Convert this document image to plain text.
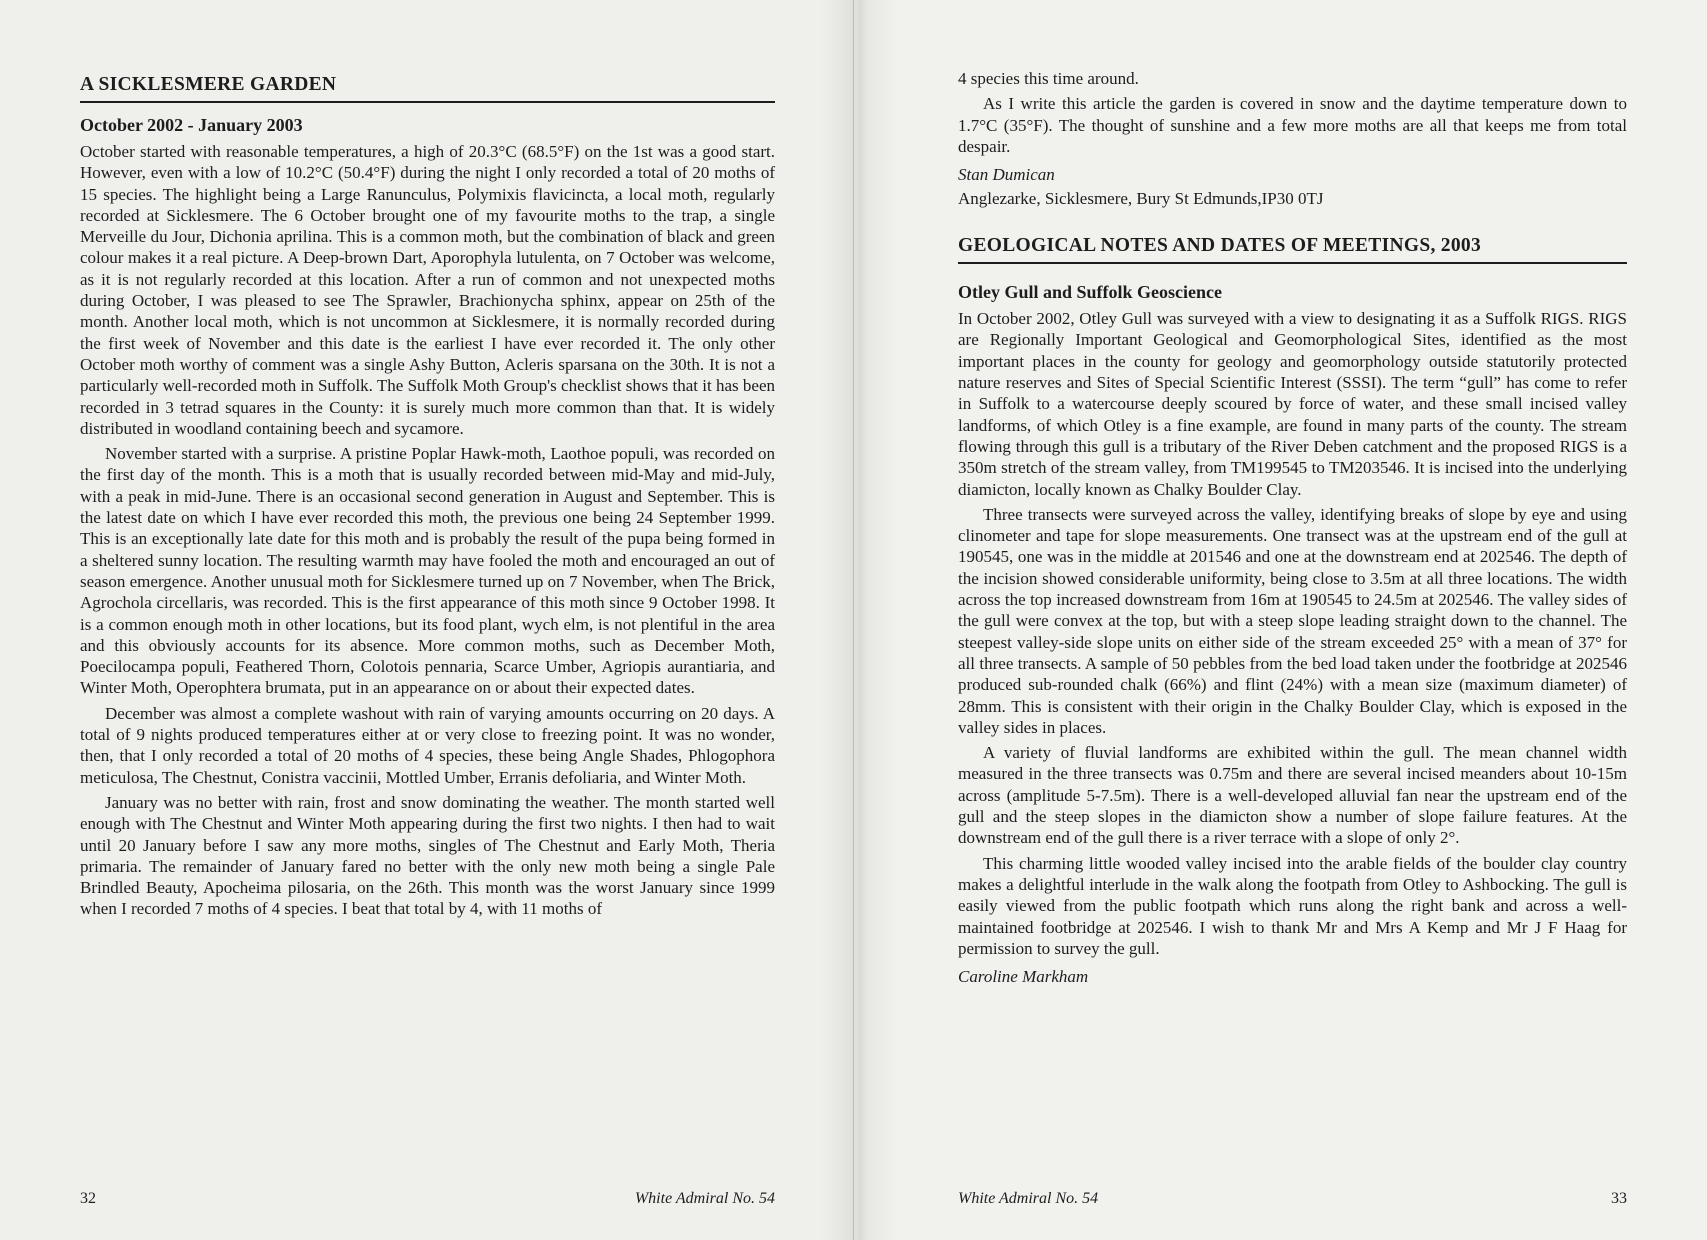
A SICKLESMERE GARDEN
October 2002 - January 2003

October started with reasonable temperatures, a high of 20.3°C (68.5°F) on the 1st was a good start. However, even with a low of 10.2°C (50.4°F) during the night I only recorded a total of 20 moths of 15 species. The highlight being a Large Ranunculus, Polymixis flavicincta, a local moth, regularly recorded at Sicklesmere. The 6 October brought one of my favourite moths to the trap, a single Merveille du Jour, Dichonia aprilina. This is a common moth, but the combination of black and green colour makes it a real picture. A Deep-brown Dart, Aporophyla lutulenta, on 7 October was welcome, as it is not regularly recorded at this location. After a run of common and not unexpected moths during October, I was pleased to see The Sprawler, Brachionycha sphinx, appear on 25th of the month. Another local moth, which is not uncommon at Sicklesmere, it is normally recorded during the first week of November and this date is the earliest I have ever recorded it. The only other October moth worthy of comment was a single Ashy Button, Acleris sparsana on the 30th. It is not a particularly well-recorded moth in Suffolk. The Suffolk Moth Group's checklist shows that it has been recorded in 3 tetrad squares in the County: it is surely much more common than that. It is widely distributed in woodland containing beech and sycamore.

November started with a surprise. A pristine Poplar Hawk-moth, Laothoe populi, was recorded on the first day of the month. This is a moth that is usually recorded between mid-May and mid-July, with a peak in mid-June. There is an occasional second generation in August and September. This is the latest date on which I have ever recorded this moth, the previous one being 24 September 1999. This is an exceptionally late date for this moth and is probably the result of the pupa being formed in a sheltered sunny location. The resulting warmth may have fooled the moth and encouraged an out of season emergence. Another unusual moth for Sicklesmere turned up on 7 November, when The Brick, Agrochola circellaris, was recorded. This is the first appearance of this moth since 9 October 1998. It is a common enough moth in other locations, but its food plant, wych elm, is not plentiful in the area and this obviously accounts for its absence. More common moths, such as December Moth, Poecilocampa populi, Feathered Thorn, Colotois pennaria, Scarce Umber, Agriopis aurantiaria, and Winter Moth, Operophtera brumata, put in an appearance on or about their expected dates.

December was almost a complete washout with rain of varying amounts occurring on 20 days. A total of 9 nights produced temperatures either at or very close to freezing point. It was no wonder, then, that I only recorded a total of 20 moths of 4 species, these being Angle Shades, Phlogophora meticulosa, The Chestnut, Conistra vaccinii, Mottled Umber, Erranis defoliaria, and Winter Moth.

January was no better with rain, frost and snow dominating the weather. The month started well enough with The Chestnut and Winter Moth appearing during the first two nights. I then had to wait until 20 January before I saw any more moths, singles of The Chestnut and Early Moth, Theria primaria. The remainder of January fared no better with the only new moth being a single Pale Brindled Beauty, Apocheima pilosaria, on the 26th. This month was the worst January since 1999 when I recorded 7 moths of 4 species. I beat that total by 4, with 11 moths of

32	White Admiral No. 54

4 species this time around.

As I write this article the garden is covered in snow and the daytime temperature down to 1.7°C (35°F). The thought of sunshine and a few more moths are all that keeps me from total despair.

Stan Dumican
Anglezarke, Sicklesmere, Bury St Edmunds,IP30 0TJ
GEOLOGICAL NOTES AND DATES OF MEETINGS, 2003
Otley Gull and Suffolk Geoscience

In October 2002, Otley Gull was surveyed with a view to designating it as a Suffolk RIGS. RIGS are Regionally Important Geological and Geomorphological Sites, identified as the most important places in the county for geology and geomorphology outside statutorily protected nature reserves and Sites of Special Scientific Interest (SSSI). The term “gull” has come to refer in Suffolk to a watercourse deeply scoured by force of water, and these small incised valley landforms, of which Otley is a fine example, are found in many parts of the county. The stream flowing through this gull is a tributary of the River Deben catchment and the proposed RIGS is a 350m stretch of the stream valley, from TM199545 to TM203546. It is incised into the underlying diamicton, locally known as Chalky Boulder Clay.

Three transects were surveyed across the valley, identifying breaks of slope by eye and using clinometer and tape for slope measurements. One transect was at the upstream end of the gull at 190545, one was in the middle at 201546 and one at the downstream end at 202546. The depth of the incision showed considerable uniformity, being close to 3.5m at all three locations. The width across the top increased downstream from 16m at 190545 to 24.5m at 202546. The valley sides of the gull were convex at the top, but with a steep slope leading straight down to the channel. The steepest valley-side slope units on either side of the stream exceeded 25° with a mean of 37° for all three transects. A sample of 50 pebbles from the bed load taken under the footbridge at 202546 produced sub-rounded chalk (66%) and flint (24%) with a mean size (maximum diameter) of 28mm. This is consistent with their origin in the Chalky Boulder Clay, which is exposed in the valley sides in places.

A variety of fluvial landforms are exhibited within the gull. The mean channel width measured in the three transects was 0.75m and there are several incised meanders about 10-15m across (amplitude 5-7.5m). There is a well-developed alluvial fan near the upstream end of the gull and the steep slopes in the diamicton show a number of slope failure features. At the downstream end of the gull there is a river terrace with a slope of only 2°.

This charming little wooded valley incised into the arable fields of the boulder clay country makes a delightful interlude in the walk along the footpath from Otley to Ashbocking. The gull is easily viewed from the public footpath which runs along the right bank and across a well-maintained footbridge at 202546. I wish to thank Mr and Mrs A Kemp and Mr J F Haag for permission to survey the gull.

Caroline Markham
White Admiral No. 54	33
